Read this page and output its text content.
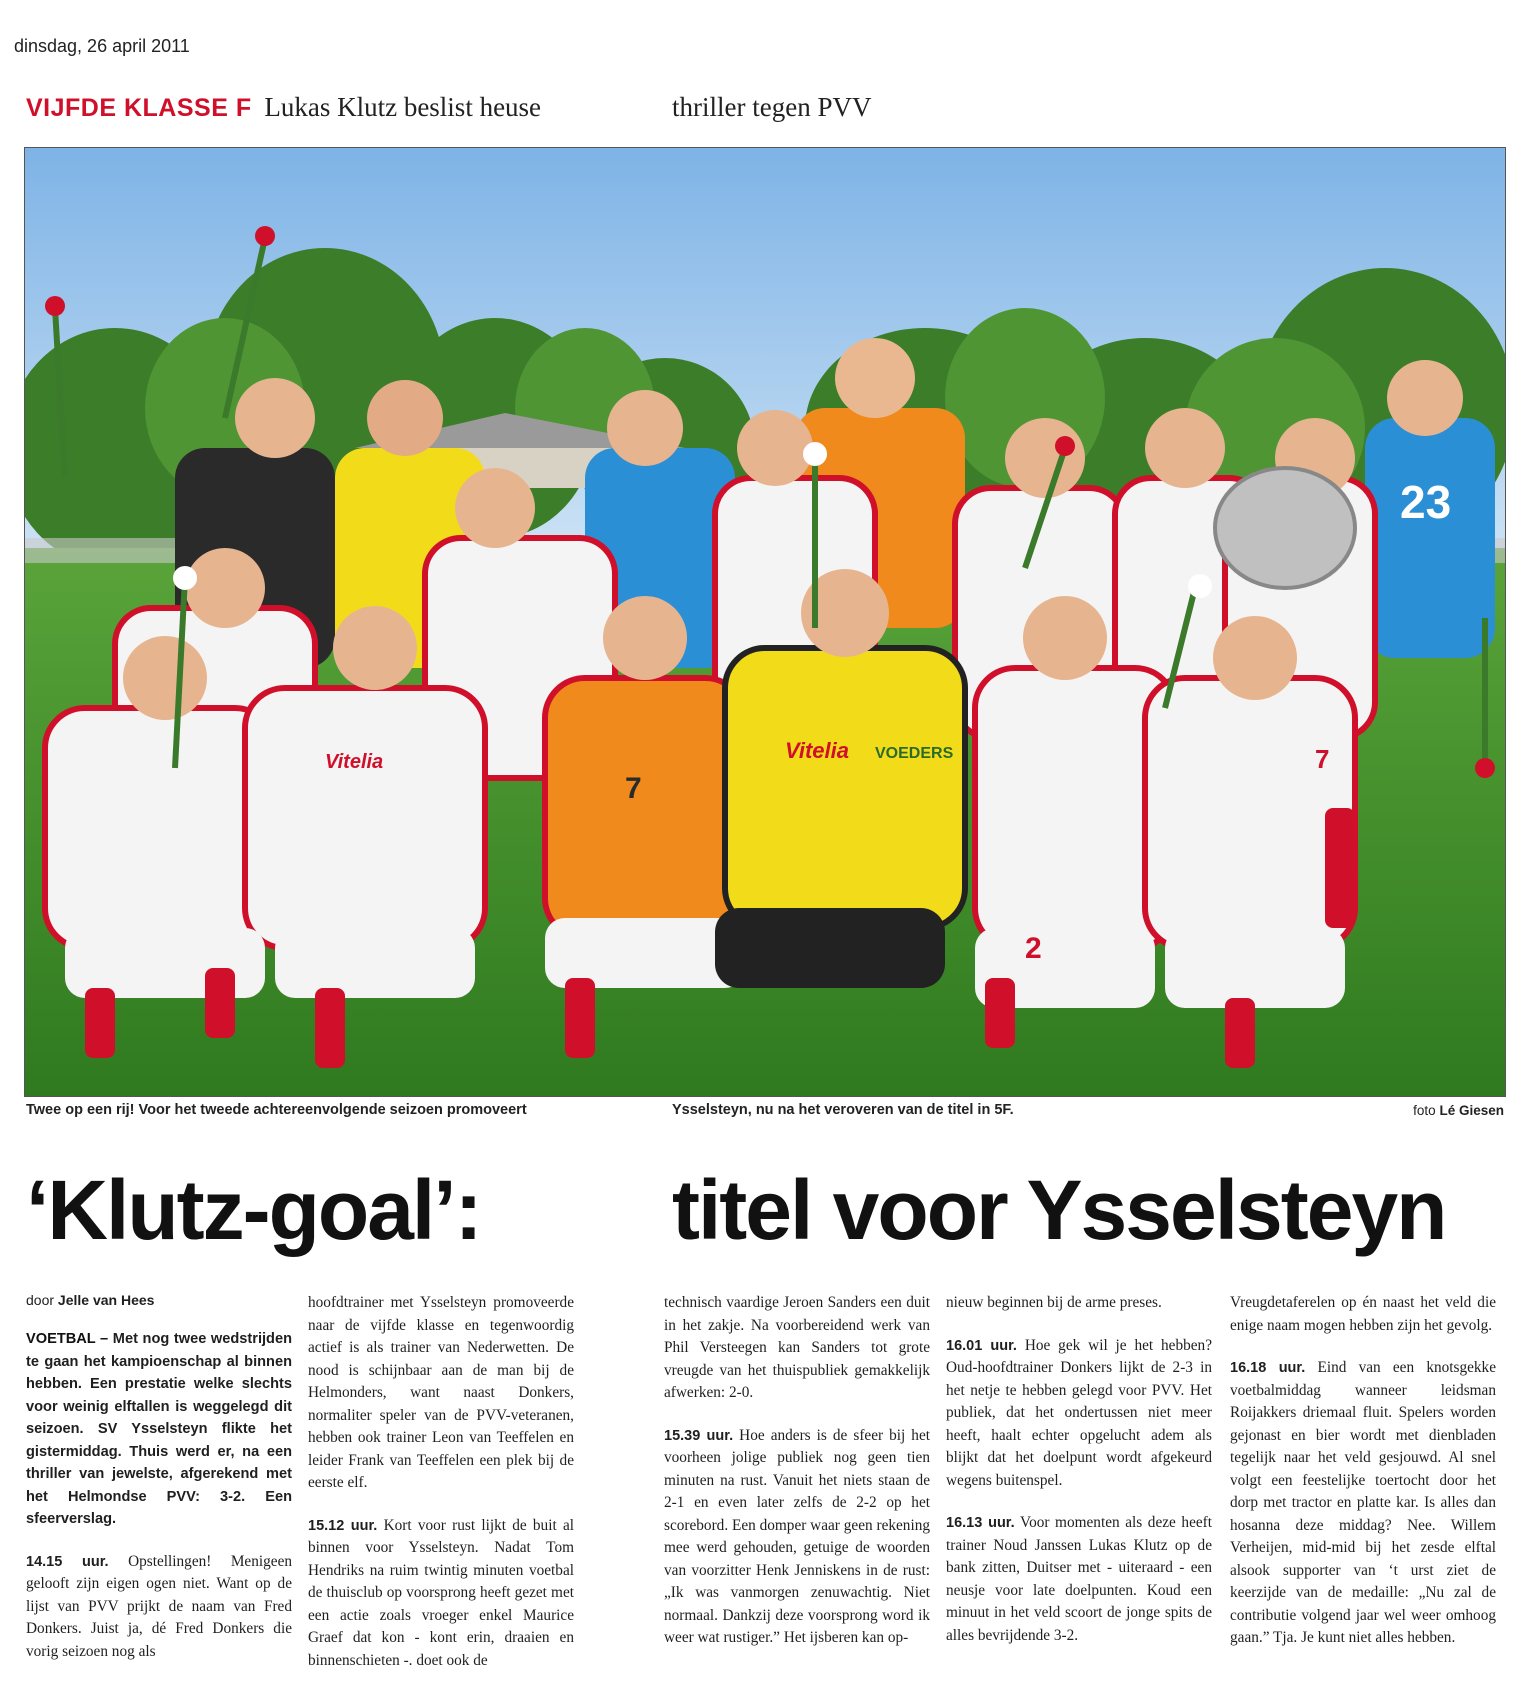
dinsdag, 26 april 2011
VIJFDE KLASSE F Lukas Klutz beslist heuse	thriller tegen PVV
23
Vitelia VOEDERS
Vitelia
7
2
7
Twee op een rij! Voor het tweede achtereenvolgende seizoen promoveert	Ysselsteyn, nu na het veroveren van de titel in 5F.	foto Lé Giesen
‘Klutz-goal’: titel voor Ysselsteyn
door Jelle van Hees

VOETBAL – Met nog twee wedstrijden te gaan het kampioenschap al binnen hebben. Een prestatie welke slechts voor weinig elftallen is weggelegd dit seizoen. SV Ysselsteyn flikte het gistermiddag. Thuis werd er, na een thriller van jewelste, afgerekend met het Helmondse PVV: 3-2. Een sfeerverslag.

14.15 uur. Opstellingen! Menigeen gelooft zijn eigen ogen niet. Want op de lijst van PVV prijkt de naam van Fred Donkers. Juist ja, dé Fred Donkers die vorig seizoen nog als

hoofdtrainer met Ysselsteyn promoveerde naar de vijfde klasse en tegenwoordig actief is als trainer van Nederwetten. De nood is schijnbaar aan de man bij de Helmonders, want naast Donkers, normaliter speler van de PVV-veteranen, hebben ook trainer Leon van Teeffelen en leider Frank van Teeffelen een plek bij de eerste elf.

15.12 uur. Kort voor rust lijkt de buit al binnen voor Ysselsteyn. Nadat Tom Hendriks na ruim twintig minuten voetbal de thuisclub op voorsprong heeft gezet met een actie zoals vroeger enkel Maurice Graef dat kon - kont erin, draaien en binnenschieten -. doet ook de

technisch vaardige Jeroen Sanders een duit in het zakje. Na voorbereidend werk van Phil Versteegen kan Sanders tot grote vreugde van het thuispubliek gemakkelijk afwerken: 2-0.

15.39 uur. Hoe anders is de sfeer bij het voorheen jolige publiek nog geen tien minuten na rust. Vanuit het niets staan de 2-1 en even later zelfs de 2-2 op het scorebord. Een domper waar geen rekening mee werd gehouden, getuige de woorden van voorzitter Henk Jenniskens in de rust: „Ik was vanmorgen zenuwachtig. Niet normaal. Dankzij deze voorsprong word ik weer wat rustiger.” Het ijsberen kan op-

nieuw beginnen bij de arme preses.

16.01 uur. Hoe gek wil je het hebben? Oud-hoofdtrainer Donkers lijkt de 2-3 in het netje te hebben gelegd voor PVV. Het publiek, dat het ondertussen niet meer heeft, haalt echter opgelucht adem als blijkt dat het doelpunt wordt afgekeurd wegens buitenspel.

16.13 uur. Voor momenten als deze heeft trainer Noud Janssen Lukas Klutz op de bank zitten, Duitser met - uiteraard - een neusje voor late doelpunten. Koud een minuut in het veld scoort de jonge spits de alles bevrijdende 3-2.

Vreugdetaferelen op én naast het veld die enige naam mogen hebben zijn het gevolg.

16.18 uur. Eind van een knotsgekke voetbalmiddag wanneer leidsman Roijakkers driemaal fluit. Spelers worden gejonast en bier wordt met dienbladen tegelijk naar het veld gesjouwd. Al snel volgt een feestelijke toertocht door het dorp met tractor en platte kar. Is alles dan hosanna deze middag? Nee. Willem Verheijen, mid-mid bij het zesde elftal alsook supporter van ‘t urst ziet de keerzijde van de medaille: „Nu zal de contributie volgend jaar wel weer omhoog gaan.” Tja. Je kunt niet alles hebben.
